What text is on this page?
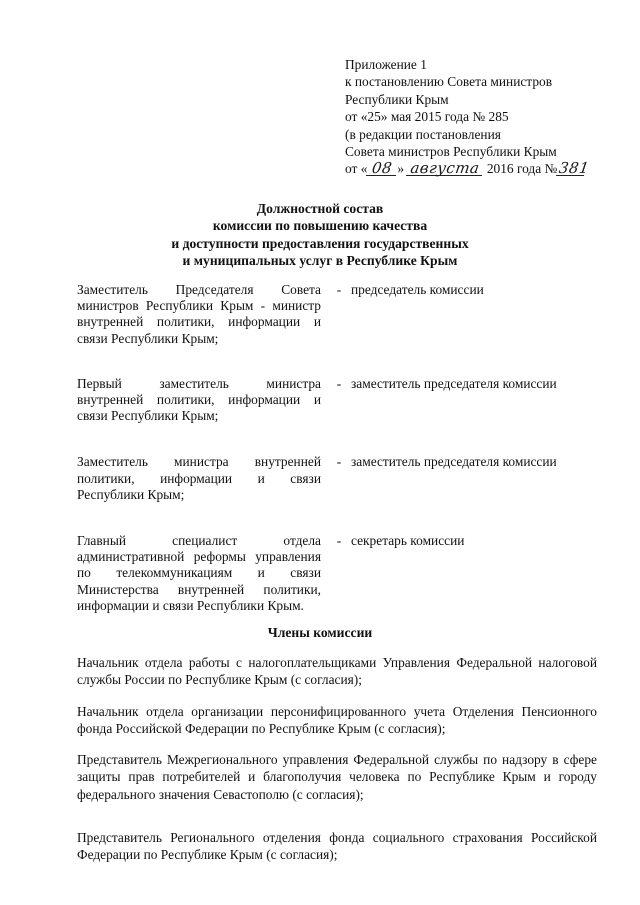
Приложение 1
к постановлению Совета министров
Республики Крым
от «25» мая 2015 года № 285
(в редакции постановления
Совета министров Республики Крым
от « 08 » августа 2016 года №381
Должностной состав
комиссии по повышению качества
и доступности предоставления государственных
и муниципальных услуг в Республике Крым
Заместитель Председателя Совета министров Республики Крым - министр внутренней политики, информации и связи Республики Крым;
- председатель комиссии
Первый заместитель министра внутренней политики, информации и связи Республики Крым;
- заместитель председателя комиссии
Заместитель министра внутренней политики, информации и связи Республики Крым;
- заместитель председателя комиссии
Главный специалист отдела административной реформы управления по телекоммуникациям и связи Министерства внутренней политики, информации и связи Республики Крым.
- секретарь комиссии
Члены комиссии
Начальник отдела работы с налогоплательщиками Управления Федеральной налоговой службы России по Республике Крым (с согласия);
Начальник отдела организации персонифицированного учета Отделения Пенсионного фонда Российской Федерации по Республике Крым (с согласия);
Представитель Межрегионального управления Федеральной службы по надзору в сфере защиты прав потребителей и благополучия человека по Республике Крым и городу федерального значения Севастополю (с согласия);
Представитель Регионального отделения фонда социального страхования Российской Федерации по Республике Крым (с согласия);
